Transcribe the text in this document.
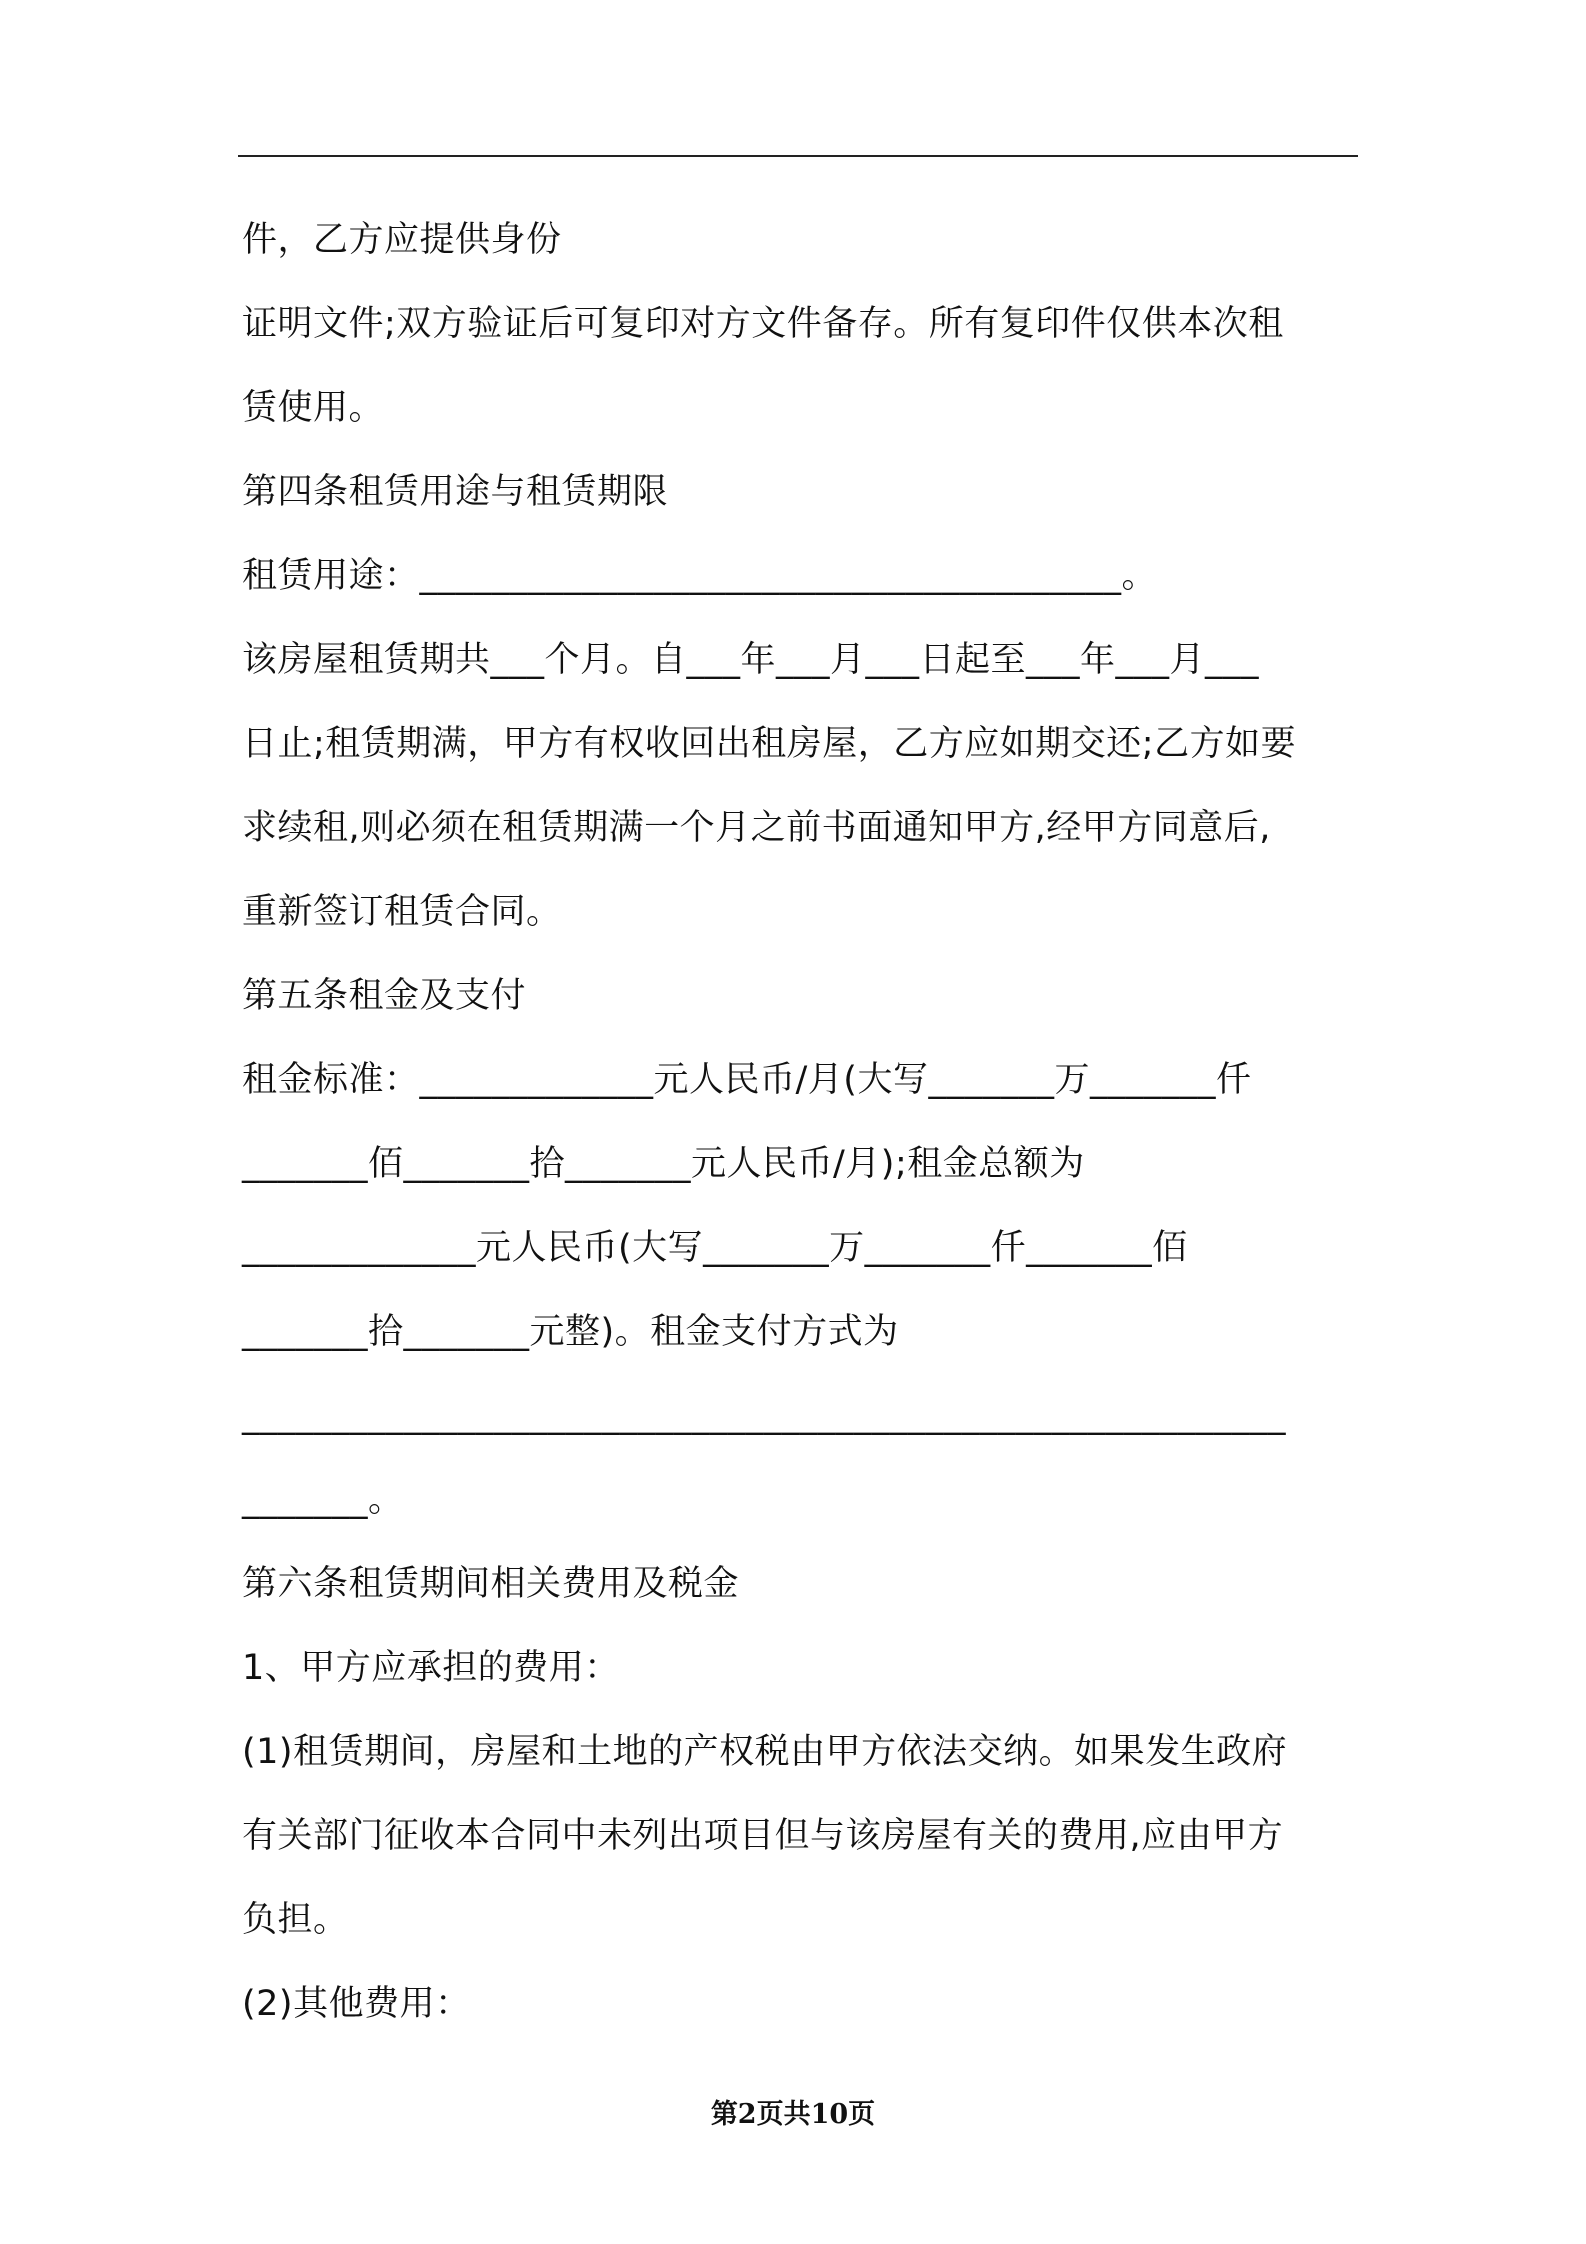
件，乙方应提供身份
证明文件;双方验证后可复印对方文件备存。所有复印件仅供本次租
赁使用。
第四条租赁用途与租赁期限
租赁用途：_______________________________________。
该房屋租赁期共___个月。自___年___月___日起至___年___月___
日止;租赁期满，甲方有权收回出租房屋，乙方应如期交还;乙方如要
求续租,则必须在租赁期满一个月之前书面通知甲方,经甲方同意后,
重新签订租赁合同。
第五条租金及支付
租金标准：_____________元人民币/月(大写_______万_______仟
_______佰_______拾_______元人民币/月);租金总额为
_____________元人民币(大写_______万_______仟_______佰
_______拾_______元整)。租金支付方式为
__________________________________________________________
_______。
第六条租赁期间相关费用及税金
1、甲方应承担的费用：
(1)租赁期间，房屋和土地的产权税由甲方依法交纳。如果发生政府
有关部门征收本合同中未列出项目但与该房屋有关的费用,应由甲方
负担。
(2)其他费用：
第2页共10页
